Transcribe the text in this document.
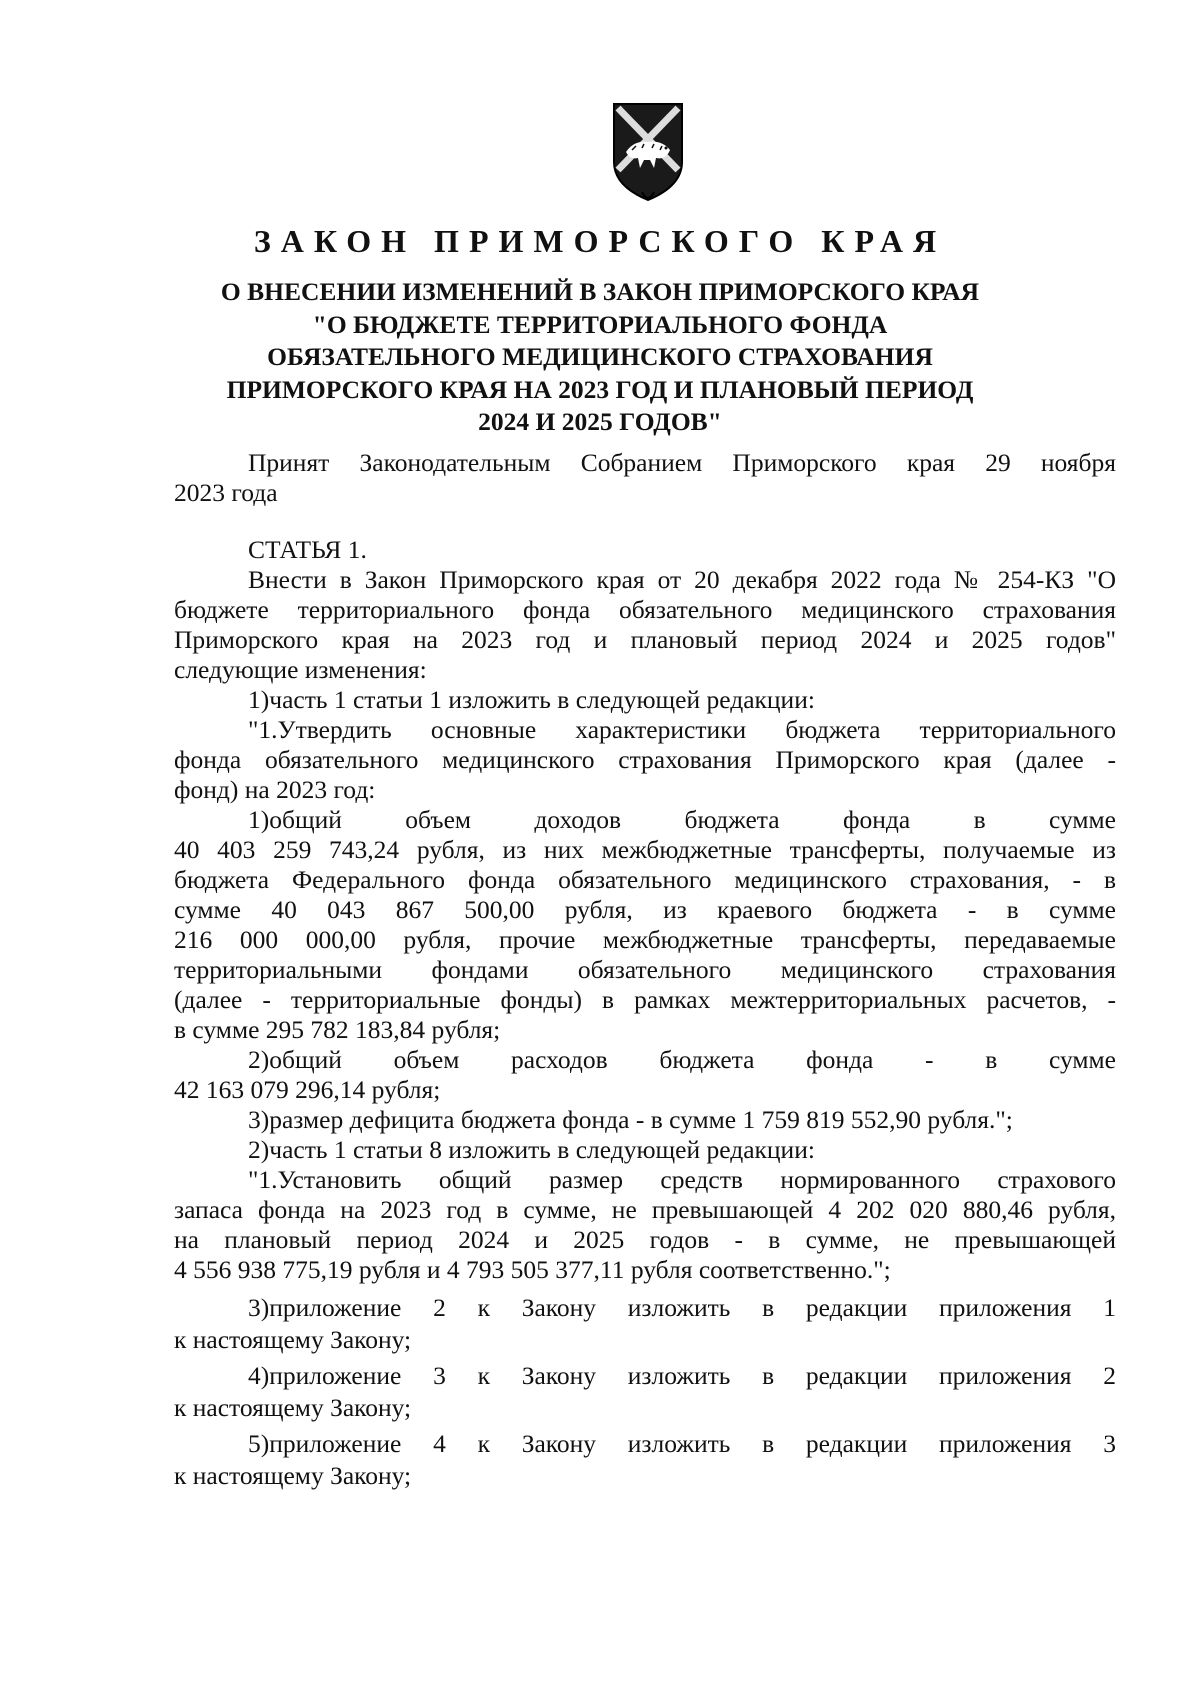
ЗАКОН ПРИМОРСКОГО КРАЯ
О ВНЕСЕНИИ ИЗМЕНЕНИЙ В ЗАКОН ПРИМОРСКОГО КРАЯ
"О БЮДЖЕТЕ ТЕРРИТОРИАЛЬНОГО ФОНДА
ОБЯЗАТЕЛЬНОГО МЕДИЦИНСКОГО СТРАХОВАНИЯ
ПРИМОРСКОГО КРАЯ НА 2023 ГОД И ПЛАНОВЫЙ ПЕРИОД
2024 И 2025 ГОДОВ"
Принят Законодательным Собранием Приморского края 29 ноября
2023 года
СТАТЬЯ 1.
Внести в Закон Приморского края от 20 декабря 2022 года № 254-КЗ "О
бюджете территориального фонда обязательного медицинского страхования
Приморского края на 2023 год и плановый период 2024 и 2025 годов"
следующие изменения:
1)часть 1 статьи 1 изложить в следующей редакции:
"1.Утвердить основные характеристики бюджета территориального
фонда обязательного медицинского страхования Приморского края (далее -
фонд) на 2023 год:
1)общий объем доходов бюджета фонда в сумме
40 403 259 743,24 рубля, из них межбюджетные трансферты, получаемые из
бюджета Федерального фонда обязательного медицинского страхования, - в
сумме 40 043 867 500,00 рубля, из краевого бюджета - в сумме
216 000 000,00 рубля, прочие межбюджетные трансферты, передаваемые
территориальными фондами обязательного медицинского страхования
(далее - территориальные фонды) в рамках межтерриториальных расчетов, -
в сумме 295 782 183,84 рубля;
2)общий объем расходов бюджета фонда - в сумме
42 163 079 296,14 рубля;
3)размер дефицита бюджета фонда - в сумме 1 759 819 552,90 рубля.";
2)часть 1 статьи 8 изложить в следующей редакции:
"1.Установить общий размер средств нормированного страхового
запаса фонда на 2023 год в сумме, не превышающей 4 202 020 880,46 рубля,
на плановый период 2024 и 2025 годов - в сумме, не превышающей
4 556 938 775,19 рубля и 4 793 505 377,11 рубля соответственно.";
3)приложение 2 к Закону изложить в редакции приложения 1
к настоящему Закону;
4)приложение 3 к Закону изложить в редакции приложения 2
к настоящему Закону;
5)приложение 4 к Закону изложить в редакции приложения 3
к настоящему Закону;
